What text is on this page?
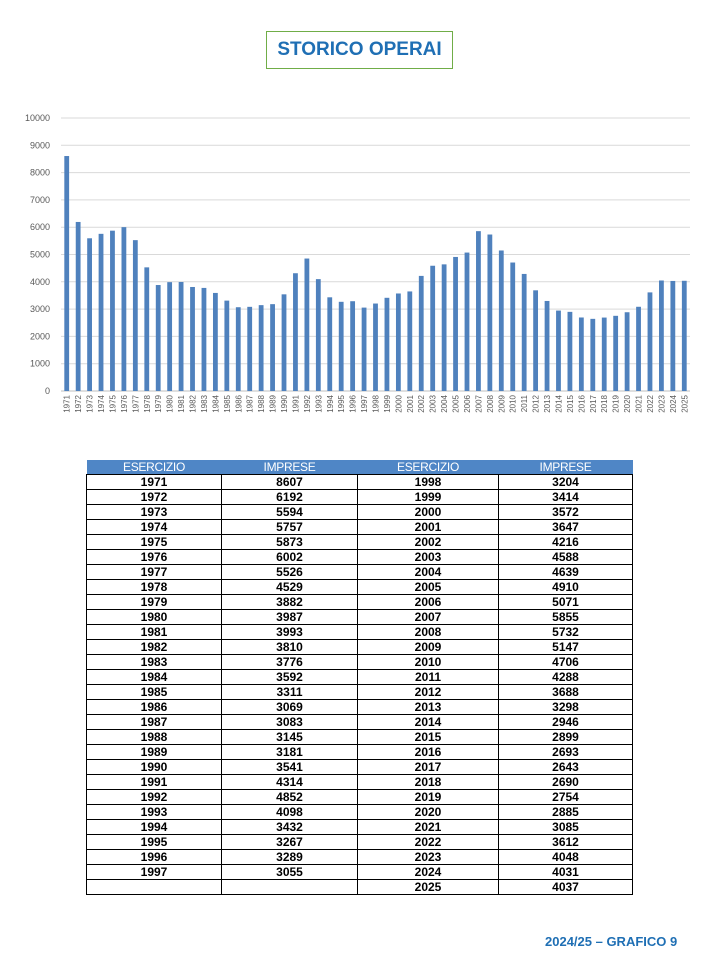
STORICO OPERAI
0
1000
2000
3000
4000
5000
6000
7000
8000
9000
10000
1971 1972 1973 1974 1975 1976 1977 1978 1979 1980 1981 1982 1983 1984 1985 1986 1987 1988 1989 1990 1991 1992 1993 1994 1995 1996 1997 1998 1999 2000 2001 2002 2003 2004 2005 2006 2007 2008 2009 2010 2011 2012 2013 2014 2015 2016 2017 2018 2019 2020 2021 2022 2023 2024 2025
ESERCIZIO	IMPRESE	ESERCIZIO	IMPRESE
1971	8607	1998	3204
1972	6192	1999	3414
1973	5594	2000	3572
1974	5757	2001	3647
1975	5873	2002	4216
1976	6002	2003	4588
1977	5526	2004	4639
1978	4529	2005	4910
1979	3882	2006	5071
1980	3987	2007	5855
1981	3993	2008	5732
1982	3810	2009	5147
1983	3776	2010	4706
1984	3592	2011	4288
1985	3311	2012	3688
1986	3069	2013	3298
1987	3083	2014	2946
1988	3145	2015	2899
1989	3181	2016	2693
1990	3541	2017	2643
1991	4314	2018	2690
1992	4852	2019	2754
1993	4098	2020	2885
1994	3432	2021	3085
1995	3267	2022	3612
1996	3289	2023	4048
1997	3055	2024	4031
		2025	4037
2024/25 – GRAFICO 9
